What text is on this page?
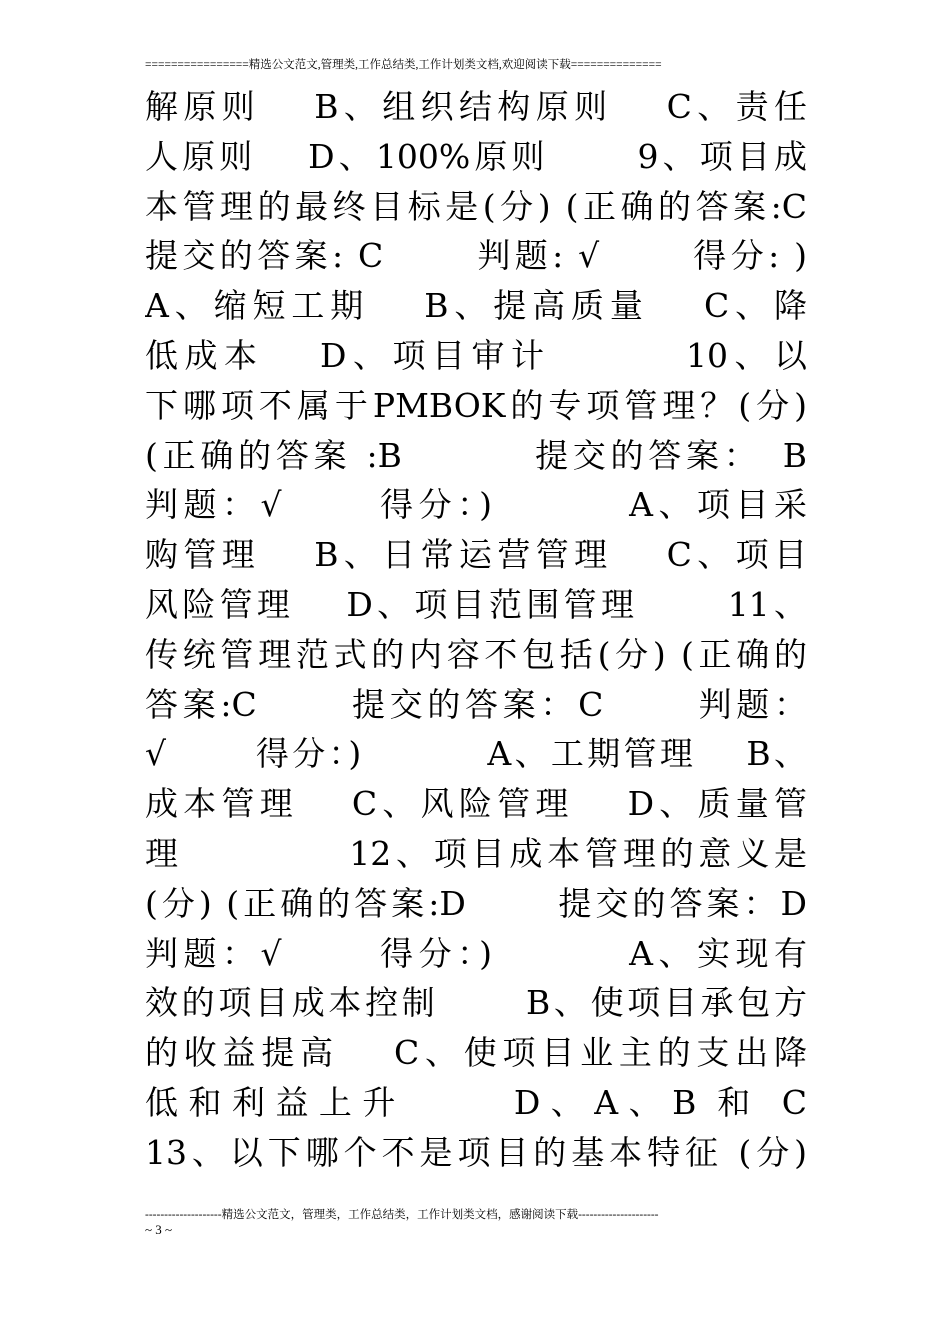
================精选公文范文,管理类,工作总结类,工作计划类文档,欢迎阅读下载==============
解原则　 B、组织结构原则　 C、责任
人原则　 D、100%原则　　 9、项目成
本管理的最终目标是(分) (正确的答案:C
提交的答案: C　　 判题: √　　 得分: )
A、缩短工期　 B、提高质量　 C、降
低成本　 D、项目审计　　　 10、以
下哪项不属于PMBOK的专项管理？(分)
(正确的答案 :B　　　 提交的答案：　B
判题：√　　 得分：)　　　 A、项目采
购管理　 B、日常运营管理　 C、项目
风险管理　 D、项目范围管理　　 11、
传统管理范式的内容不包括(分) (正确的
答案:C　　 提交的答案：C　　 判题：
√　　 得分：)　　　 A、工期管理　 B、
成本管理　 C、风险管理　 D、质量管
理　　　　 12、项目成本管理的意义是
(分) (正确的答案:D　　 提交的答案：D
判题：√　　 得分：)　　　 A、实现有
效的项目成本控制　　 B、使项目承包方
的收益提高　 C、使项目业主的支出降
低和利益上升　　 D、A、B 和 C
13、以下哪个不是项目的基本特征 (分)
--------------------精选公文范文，管理类，工作总结类，工作计划类文档，感谢阅读下载---------------------
~ 3 ~
